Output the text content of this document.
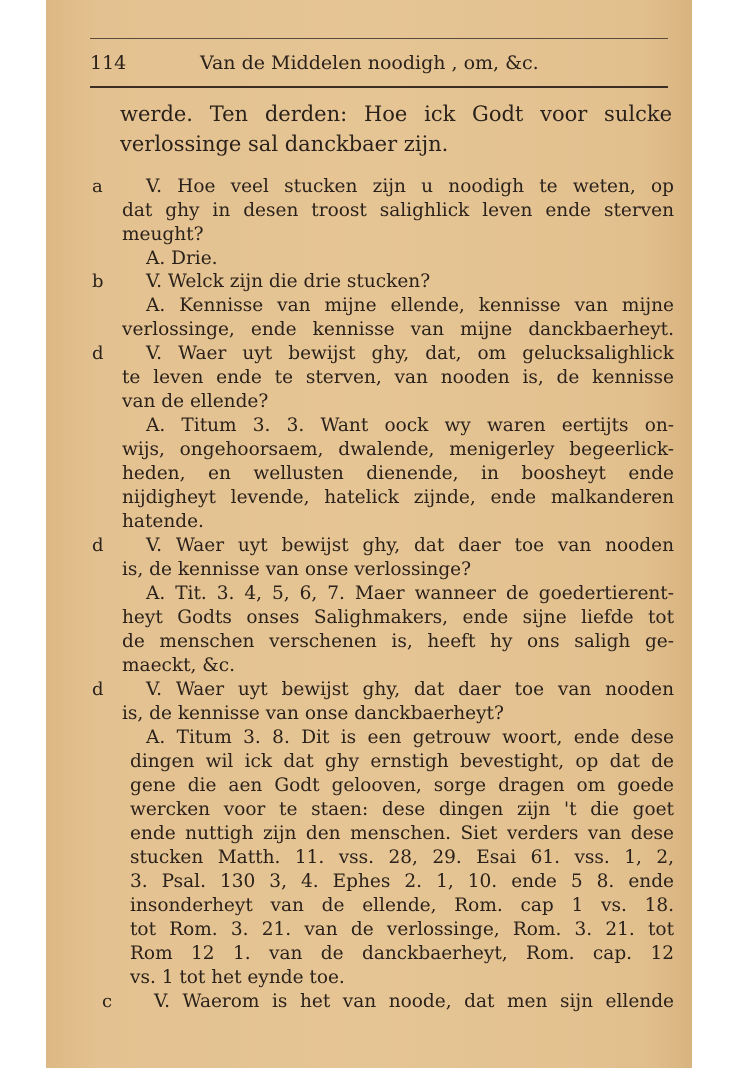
114	Van de Middelen noodigh , om, &c.
werde. Ten derden: Hoe ick Godt voor sulcke
verlossinge sal danckbaer zijn.
a V. Hoe veel stucken zijn u noodigh te weten, op
dat ghy in desen troost salighlick leven ende sterven
meught?
A. Drie.
b V. Welck zijn die drie stucken?
A. Kennisse van mijne ellende, kennisse van mijne
verlossinge, ende kennisse van mijne danckbaerheyt.
d V. Waer uyt bewijst ghy, dat, om gelucksalighlick
te leven ende te sterven, van nooden is, de kennisse
van de ellende?
A. Titum 3. 3. Want oock wy waren eertijts on-
wijs, ongehoorsaem, dwalende, menigerley begeerlick-
heden, en wellusten dienende, in boosheyt ende
nijdigheyt levende, hatelick zijnde, ende malkanderen
hatende.
d V. Waer uyt bewijst ghy, dat daer toe van nooden
is, de kennisse van onse verlossinge?
A. Tit. 3. 4, 5, 6, 7. Maer wanneer de goedertierent-
heyt Godts onses Salighmakers, ende sijne liefde tot
de menschen verschenen is, heeft hy ons saligh ge-
maeckt, &c.
d V. Waer uyt bewijst ghy, dat daer toe van nooden
is, de kennisse van onse danckbaerheyt?
A. Titum 3. 8. Dit is een getrouw woort, ende dese
dingen wil ick dat ghy ernstigh bevestight, op dat de
gene die aen Godt gelooven, sorge dragen om goede
wercken voor te staen: dese dingen zijn 't die goet
ende nuttigh zijn den menschen. Siet verders van dese
stucken Matth. 11. vss. 28, 29. Esai 61. vss. 1, 2,
3. Psal. 130 3, 4. Ephes 2. 1, 10. ende 5 8. ende
insonderheyt van de ellende, Rom. cap 1 vs. 18.
tot Rom. 3. 21. van de verlossinge, Rom. 3. 21. tot
Rom 12 1. van de danckbaerheyt, Rom. cap. 12
vs. 1 tot het eynde toe.
c V. Waerom is het van noode, dat men sijn ellende
